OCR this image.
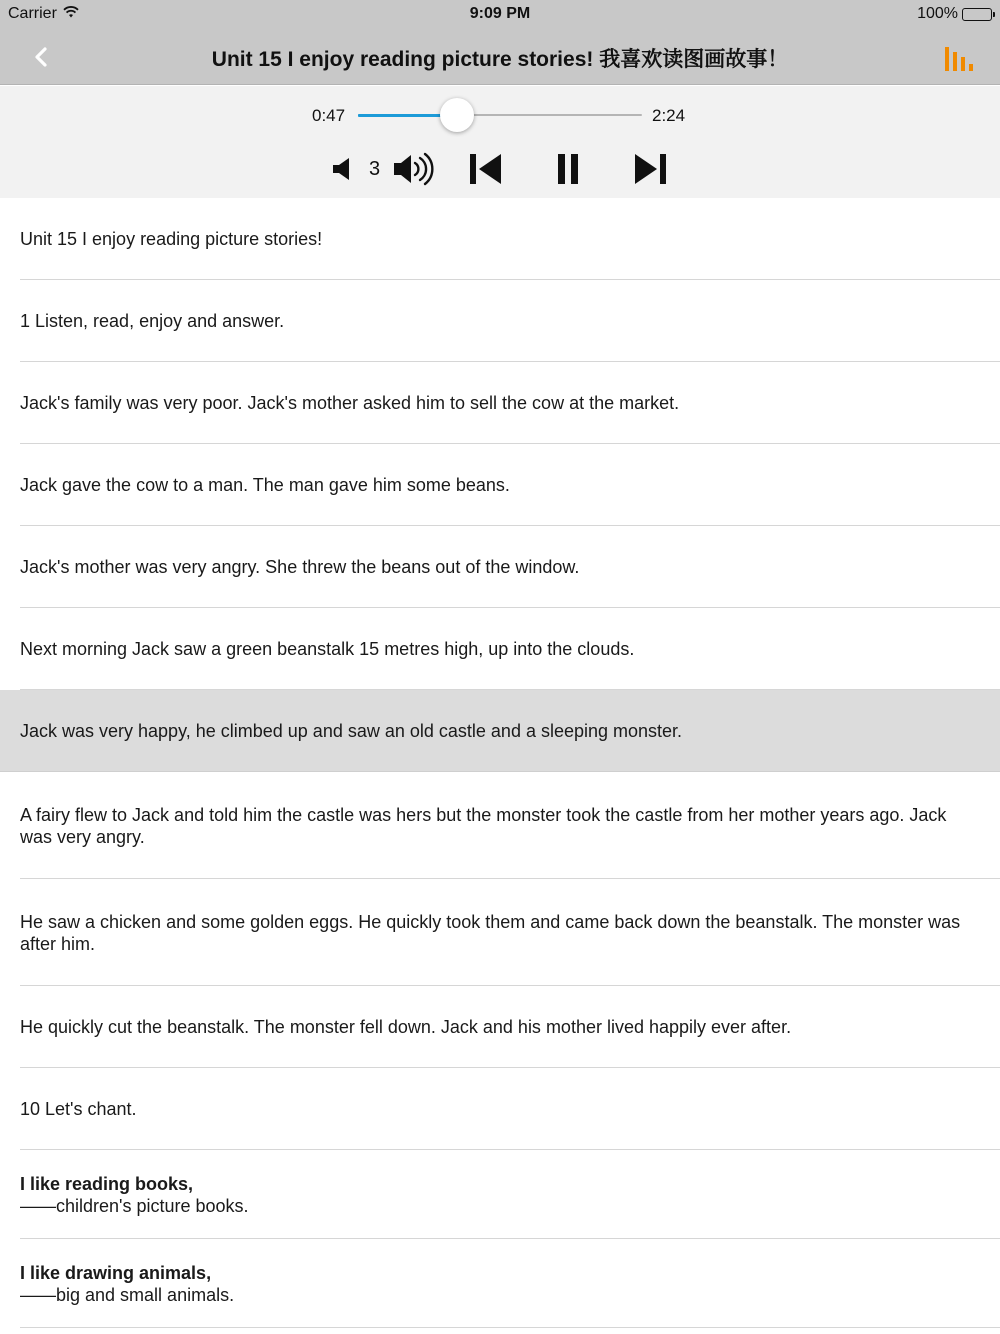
Carrier	9:09 PM	100%
Unit 15 I enjoy reading picture stories! 我喜欢读图画故事！
0:47	2:24
3
Unit 15 I enjoy reading picture stories!
1 Listen, read, enjoy and answer.
Jack's family was very poor. Jack's mother asked him to sell the cow at the market.
Jack gave the cow to a man. The man gave him some beans.
Jack's mother was very angry. She threw the beans out of the window.
Next morning Jack saw a green beanstalk 15 metres high, up into the clouds.
Jack was very happy, he climbed up and saw an old castle and a sleeping monster.
A fairy flew to Jack and told him the castle was hers but the monster took the castle from her mother years ago. Jack was very angry.
He saw a chicken and some golden eggs. He quickly took them and came back down the beanstalk. The monster was after him.
He quickly cut the beanstalk. The monster fell down. Jack and his mother lived happily ever after.
10 Let's chant.
I like reading books,
——children's picture books.
I like drawing animals,
——big and small animals.
